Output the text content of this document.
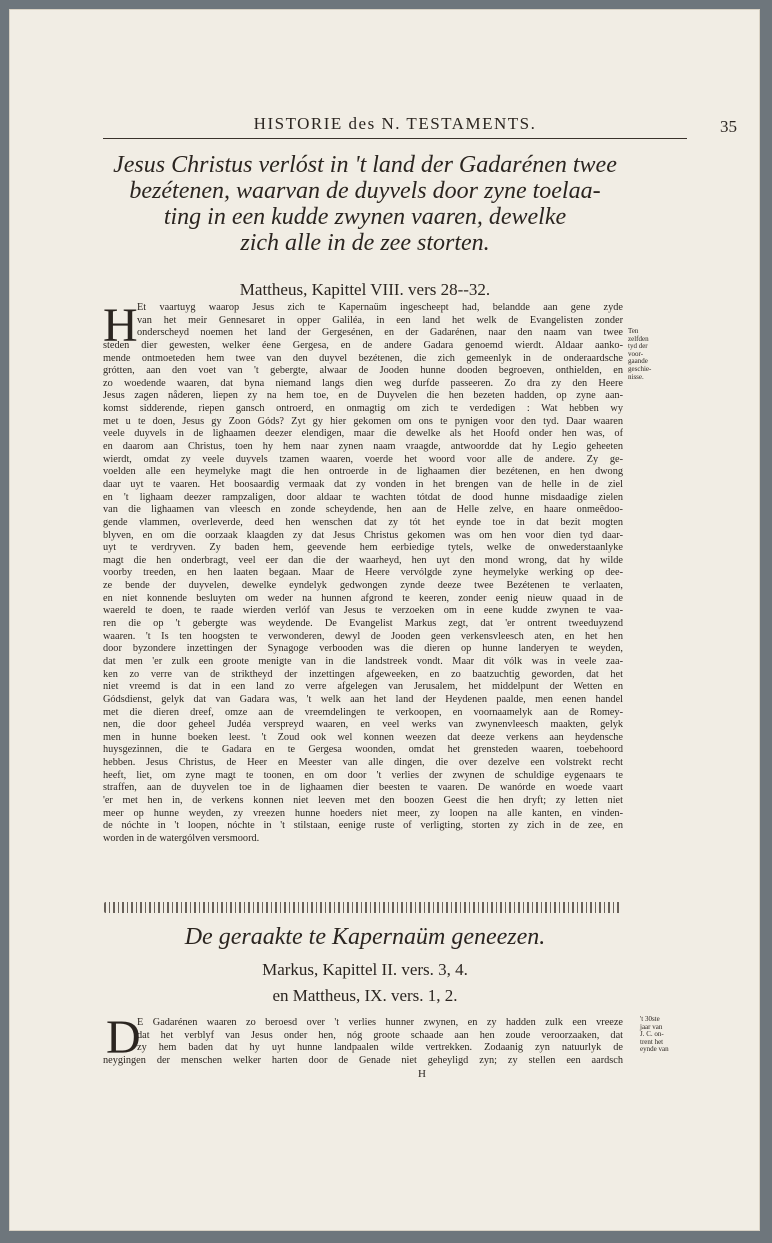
HISTORIE des N. TESTAMENTS.	35
Jesus Christus verlóst in 't land der Gadarénen twee
bezétenen, waarvan de duyvels door zyne toelaa-
ting in een kudde zwynen vaaren, dewelke
zich alle in de zee storten.
Mattheus, Kapittel VIII. vers 28--32.
H Et vaartuyg waarop Jesus zich te Kapernaüm ingescheept had, belandde aan gene zyde
van het meir Gennesaret in opper Galiléa, in een land het welk de Evangelisten zonder
onderscheyd noemen het land der Gergesénen, en der Gadarénen, naar den naam van twee
steden dier gewesten, welker éene Gergesa, en de andere Gadara genoemd wierdt. Aldaar aanko-
mende ontmoeteden hem twee van den duyvel bezétenen, die zich gemeenlyk in de onderaardsche
grótten, aan den voet van 't gebergte, alwaar de Jooden hunne dooden begroeven, onthielden, en
zo woedende waaren, dat byna niemand langs dien weg durfde passeeren. Zo dra zy den Heere
Jesus zagen nåderen, liepen zy na hem toe, en de Duyvelen die hen bezeten hadden, op zyne aan-
komst sidderende, riepen gansch ontroerd, en onmagtig om zich te verdedigen : Wat hebben wy
met u te doen, Jesus gy Zoon Góds? Zyt gy hier gekomen om ons te pynigen voor den tyd. Daar waaren
veele duyvels in de lighaamen deezer elendigen, maar die dewelke als het Hoofd onder hen was, of
en daarom aan Christus, toen hy hem naar zynen naam vraagde, antwoordde dat hy Legio geheeten
wierdt, omdat zy veele duyvels tzamen waaren, voerde het woord voor alle de andere. Zy ge-
voelden alle een heymelyke magt die hen ontroerde in de lighaamen dier bezétenen, en hen dwong
daar uyt te vaaren. Het boosaardig vermaak dat zy vonden in het brengen van de helle in de ziel
en 't lighaam deezer rampzaligen, door aldaar te wachten tótdat de dood hunne misdaadige zielen
van die lighaamen van vleesch en zonde scheydende, hen aan de Helle zelve, en haare onmeêdoo-
gende vlammen, overleverde, deed hen wenschen dat zy tót het eynde toe in dat bezit mogten
blyven, en om die oorzaak klaagden zy dat Jesus Christus gekomen was om hen voor dien tyd daar-
uyt te verdryven. Zy baden hem, geevende hem eerbiedige tytels, welke de onwederstaanlyke
magt die hen onderbragt, veel eer dan die der waarheyd, hen uyt den mond wrong, dat hy wilde
voorby treeden, en hen laaten begaan. Maar de Heere vervólgde zyne heymelyke werking op dee-
ze bende der duyvelen, dewelke eyndelyk gedwongen zynde deeze twee Bezétenen te verlaaten,
en niet konnende besluyten om weder na hunnen afgrond te keeren, zonder eenig nieuw quaad in de
waereld te doen, te raade wierden verlóf van Jesus te verzoeken om in eene kudde zwynen te vaa-
ren die op 't gebergte was weydende. De Evangelist Markus zegt, dat 'er ontrent tweeduyzend
waaren. 't Is ten hoogsten te verwonderen, dewyl de Jooden geen verkensvleesch aten, en het hen
door byzondere inzettingen der Synagoge verbooden was die dieren op hunne landeryen te weyden,
dat men 'er zulk een groote menigte van in die landstreek vondt. Maar dit vólk was in veele zaa-
ken zo verre van de striktheyd der inzettingen afgeweeken, en zo baatzuchtig geworden, dat het
niet vreemd is dat in een land zo verre afgelegen van Jerusalem, het middelpunt der Wetten en
Gódsdienst, gelyk dat van Gadara was, 't welk aan het land der Heydenen paalde, men eenen handel
met die dieren dreef, omze aan de vreemdelingen te verkoopen, en voornaamelyk aan de Romey-
nen, die door geheel Judéa verspreyd waaren, en veel werks van zwynenvleesch maakten, gelyk
men in hunne boeken leest. 't Zoud ook wel konnen weezen dat deeze verkens aan heydensche
huysgezinnen, die te Gadara en te Gergesa woonden, omdat het grensteden waaren, toebehoord
hebben. Jesus Christus, de Heer en Meester van alle dingen, die over dezelve een volstrekt recht
heeft, liet, om zyne magt te toonen, en om door 't verlies der zwynen de schuldige eygenaars te
straffen, aan de duyvelen toe in de lighaamen dier beesten te vaaren. De wanórde en woede vaart
'er met hen in, de verkens konnen niet leeven met den boozen Geest die hen dryft; zy letten niet
meer op hunne weyden, zy vreezen hunne hoeders niet meer, zy loopen na alle kanten, en vinden-
de nóchte in 't loopen, nóchte in 't stilstaan, eenige ruste of verligting, storten zy zich in de zee, en
worden in de watergólven versmoord.
Ten
zelfden
tyd der
voor-
gaande
geschie-
nisse.
De geraakte te Kapernaüm geneezen.
Markus, Kapittel II. vers. 3, 4.
en Mattheus, IX. vers. 1, 2.
D
E Gadarénen waaren zo beroesd over 't verlies hunner zwynen, en zy hadden zulk een vreeze
dat het verblyf van Jesus onder hen, nóg groote schaade aan hen zoude veroorzaaken, dat
zy hem baden dat hy uyt hunne landpaalen wilde vertrekken. Zodaanig zyn natuurlyk de
neygingen der menschen welker harten door de Genade niet geheyligd zyn; zy stellen een aardsch
't 30ste
jaar van
J. C. on-
trent het
eynde van
H
